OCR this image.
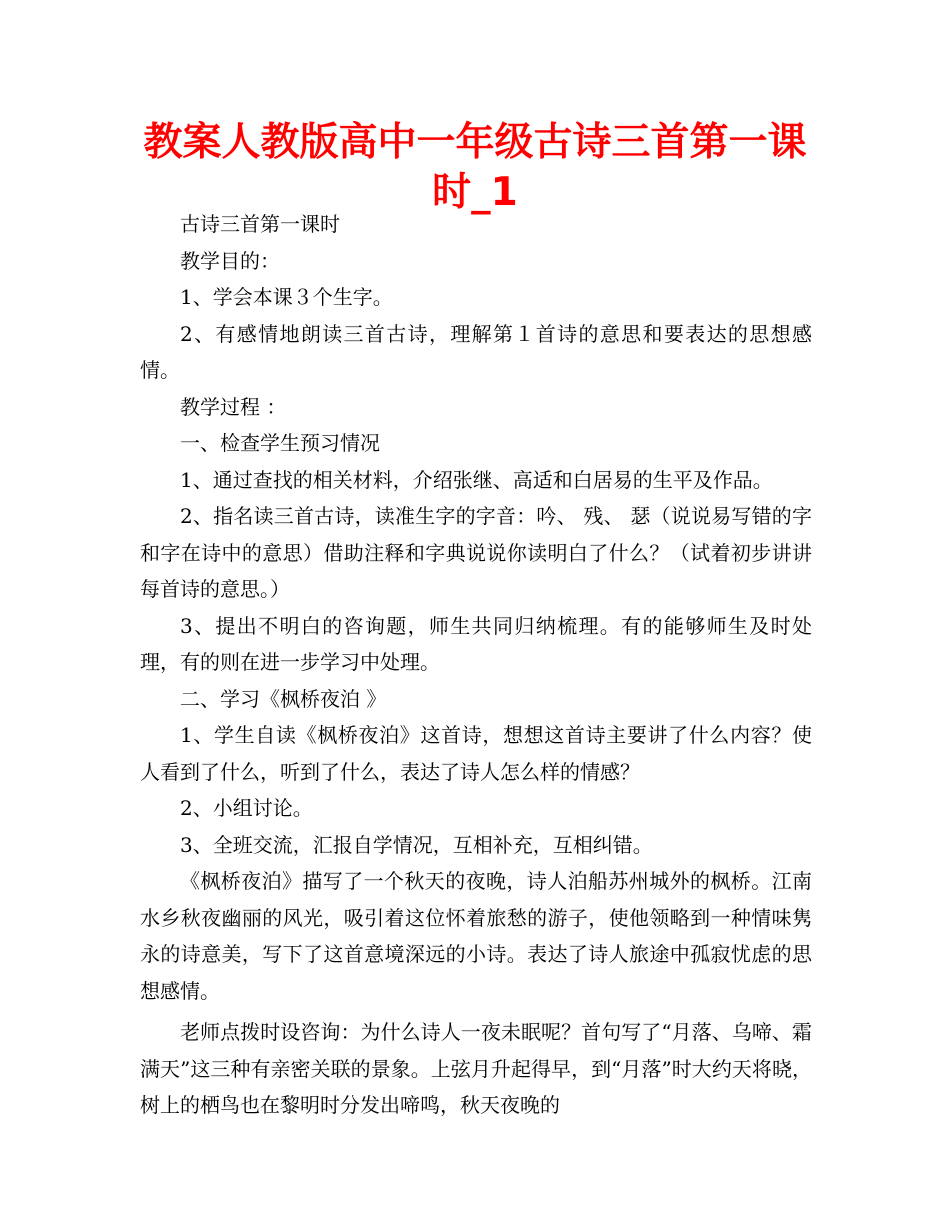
教案人教版高中一年级古诗三首第一课时_1

古诗三首第一课时

教学目的：

1、学会本课３个生字。

2、有感情地朗读三首古诗，理解第１首诗的意思和要表达的思想感情。

教学过程 ：

一、检查学生预习情况

1、通过查找的相关材料，介绍张继、高适和白居易的生平及作品。

2、指名读三首古诗，读准生字的字音：吟、 残、 瑟（说说易写错的字和字在诗中的意思）借助注释和字典说说你读明白了什么？（试着初步讲讲每首诗的意思。）

3、提出不明白的咨询题，师生共同归纳梳理。有的能够师生及时处理，有的则在进一步学习中处理。

二、学习《枫桥夜泊 》

1、学生自读《枫桥夜泊》这首诗，想想这首诗主要讲了什么内容？使人看到了什么，听到了什么，表达了诗人怎么样的情感？

2、小组讨论。

3、全班交流，汇报自学情况，互相补充，互相纠错。

《枫桥夜泊》描写了一个秋天的夜晚，诗人泊船苏州城外的枫桥。江南水乡秋夜幽丽的风光，吸引着这位怀着旅愁的游子，使他领略到一种情味隽永的诗意美，写下了这首意境深远的小诗。表达了诗人旅途中孤寂忧虑的思想感情。

老师点拨时设咨询：为什么诗人一夜未眠呢？首句写了“月落、乌啼、霜满天”这三种有亲密关联的景象。上弦月升起得早，到“月落”时大约天将晓，树上的栖鸟也在黎明时分发出啼鸣，秋天夜晚的
